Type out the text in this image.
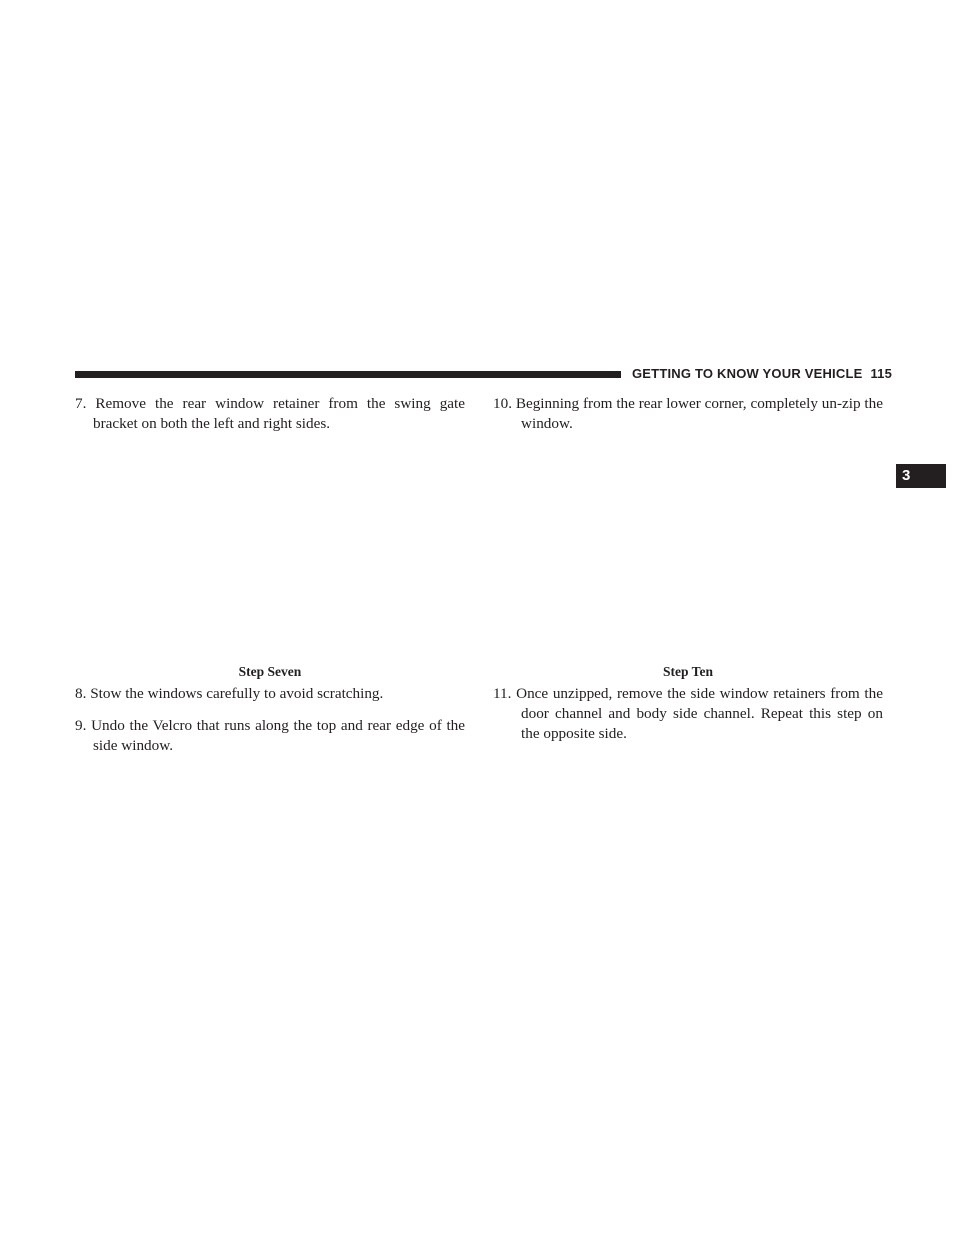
GETTING TO KNOW YOUR VEHICLE 115
3
7. Remove the rear window retainer from the swing gate bracket on both the left and right sides.
Step Seven
8. Stow the windows carefully to avoid scratching.
9. Undo the Velcro that runs along the top and rear edge of the side window.
10. Beginning from the rear lower corner, completely un-zip the window.
Step Ten
11. Once unzipped, remove the side window retainers from the door channel and body side channel. Repeat this step on the opposite side.
